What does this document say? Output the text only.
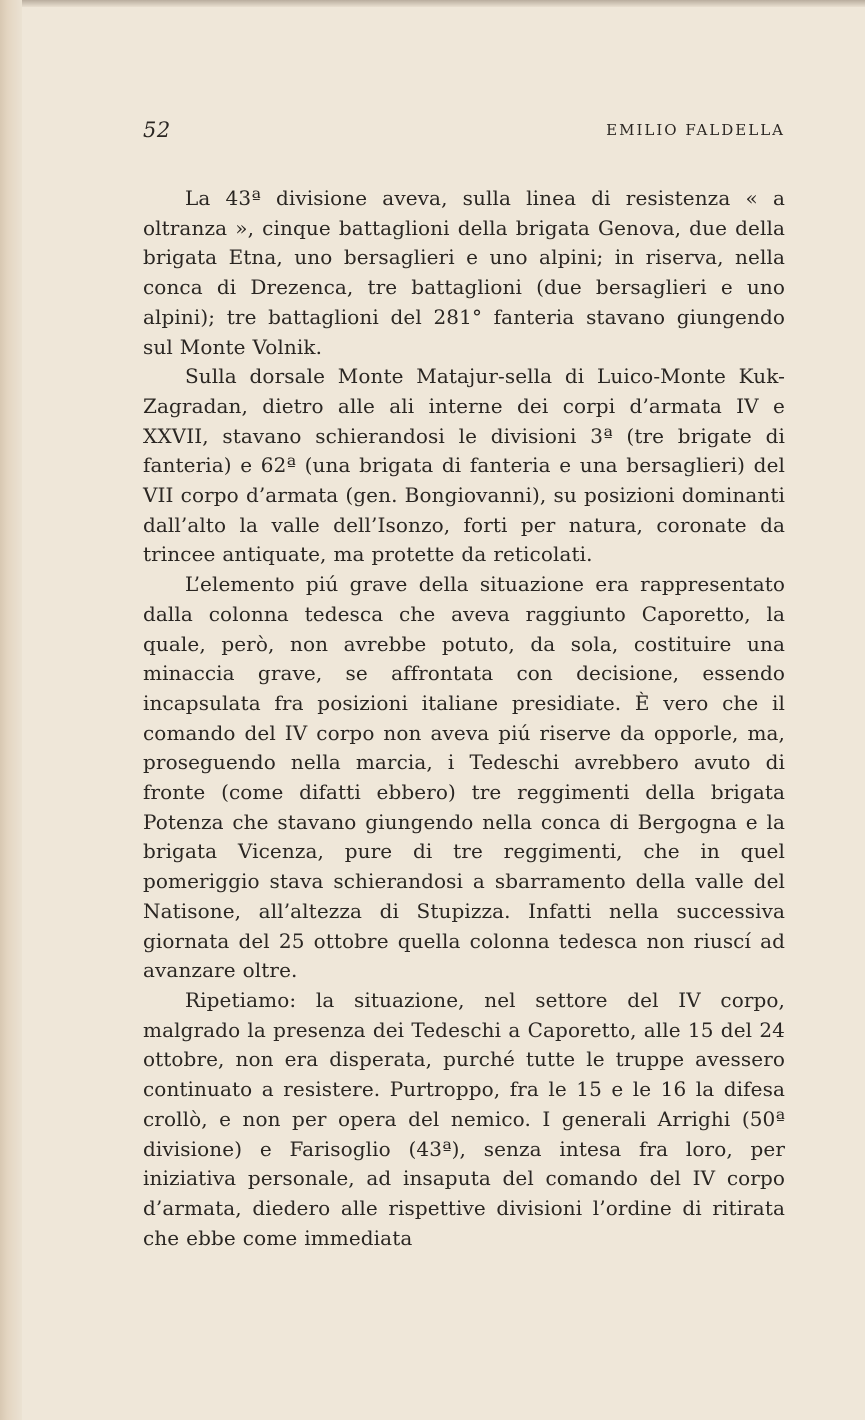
52	EMILIO FALDELLA

La 43ª divisione aveva, sulla linea di resistenza « a oltranza », cinque battaglioni della brigata Genova, due della brigata Etna, uno bersaglieri e uno alpini; in riserva, nella conca di Drezenca, tre battaglioni (due bersaglieri e uno alpini); tre battaglioni del 281° fanteria stavano giungendo sul Monte Volnik.

Sulla dorsale Monte Matajur-sella di Luico-Monte Kuk-Zagradan, dietro alle ali interne dei corpi d’armata IV e XXVII, stavano schierandosi le divisioni 3ª (tre brigate di fanteria) e 62ª (una brigata di fanteria e una bersaglieri) del VII corpo d’armata (gen. Bongiovanni), su posizioni dominanti dall’alto la valle dell’Isonzo, forti per natura, coronate da trincee antiquate, ma protette da reticolati.

L’elemento piú grave della situazione era rappresentato dalla colonna tedesca che aveva raggiunto Caporetto, la quale, però, non avrebbe potuto, da sola, costituire una minaccia grave, se affrontata con decisione, essendo incapsulata fra posizioni italiane presidiate. È vero che il comando del IV corpo non aveva piú riserve da opporle, ma, proseguendo nella marcia, i Tedeschi avrebbero avuto di fronte (come difatti ebbero) tre reggimenti della brigata Potenza che stavano giungendo nella conca di Bergogna e la brigata Vicenza, pure di tre reggimenti, che in quel pomeriggio stava schierandosi a sbarramento della valle del Natisone, all’altezza di Stupizza. Infatti nella successiva giornata del 25 ottobre quella colonna tedesca non riuscí ad avanzare oltre.

Ripetiamo: la situazione, nel settore del IV corpo, malgrado la presenza dei Tedeschi a Caporetto, alle 15 del 24 ottobre, non era disperata, purché tutte le truppe avessero continuato a resistere. Purtroppo, fra le 15 e le 16 la difesa crollò, e non per opera del nemico. I generali Arrighi (50ª divisione) e Farisoglio (43ª), senza intesa fra loro, per iniziativa personale, ad insaputa del comando del IV corpo d’armata, diedero alle rispettive divisioni l’ordine di ritirata che ebbe come immediata
